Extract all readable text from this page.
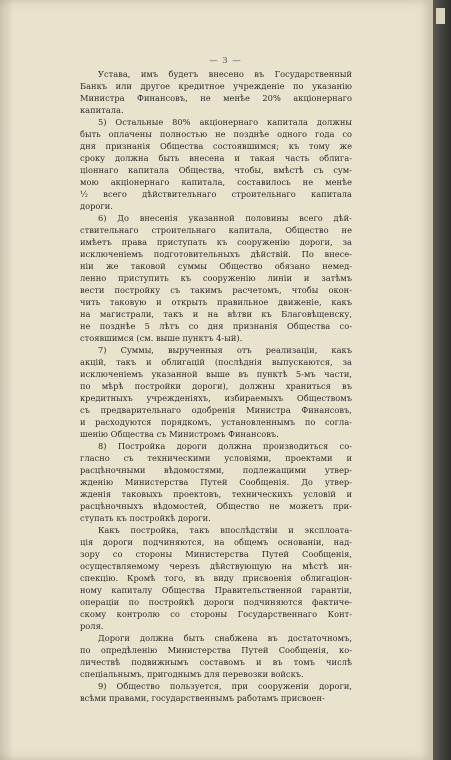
— 3 —
Уставa, имъ будетъ внесено въ Государственный
Банкъ или другое кредитное учрежденіе по указанію
Министра Финансовъ, не менѣе 20% акціонернаго
капитала.
5) Остальные 80% акціонернаго капитала должны
быть оплачены полностью не позднѣе одного года со
дня признанія Общества состоявшимся; къ тому же
сроку должна быть внесена и такая часть облига-
ціоннаго капитала Общества, чтобы, вмѣстѣ съ сум-
мою акціонернаго капитала, составилось не менѣе
½ всего дѣйствительнаго строительнаго капитала
дороги.
6) До внесенія указанной половины всего дѣй-
ствительнаго строительнаго капитала, Общество не
имѣетъ права приступать къ сооруженію дороги, за
исключеніемъ подготовительныхъ дѣйствій. По внесе-
ніи же таковой суммы Общество обязано немед-
ленно приступить къ сооруженію линіи и затѣмъ
вести постройку съ такимъ расчетомъ, чтобы окон-
чить таковую и открыть правильное движеніе, какъ
на магистрали, такъ и на вѣтви къ Благовѣщенску,
не позднѣе 5 лѣтъ со дня признанія Общества со-
стоявшимся (см. выше пунктъ 4-ый).
7) Суммы, вырученныя отъ реализаціи, какъ
акцій, такъ и облигацій (послѣднія выпускаются, за
исключеніемъ указанной выше въ пунктѣ 5-мъ части,
по мѣрѣ постройки дороги), должны храниться въ
кредитныхъ учрежденіяхъ, избираемыхъ Обществомъ
съ предварительнаго одобренія Министра Финансовъ,
и расходуются порядкомъ, установленнымъ по согла-
шенію Общества съ Министромъ Финансовъ.
8) Постройка дороги должна производиться со-
гласно съ техническими условіями, проектами и
расцѣночными вѣдомостями, подлежащими утвер-
жденію Министерства Путей Сообщенія. До утвер-
жденія таковыхъ проектовъ, техническихъ условій и
расцѣночныхъ вѣдомостей, Общество не можетъ при-
ступать къ постройкѣ дороги.
Какъ постройка, такъ впослѣдствіи и эксплоата-
ція дороги подчиняются, на общемъ основаніи, над-
зору со стороны Министерства Путей Сообщенія,
осуществляемому черезъ дѣйствующую на мѣстѣ ин-
спекцію. Кромѣ того, въ виду присвоенія облигаціон-
ному капиталу Общества Правительственной гарантіи,
операціи по постройкѣ дороги подчиняются фактиче-
скому контролю со стороны Государственнаго Конт-
роля.
Дороги должна быть снабжена въ достаточномъ,
по опредѣленію Министерства Путей Сообщенія, ко-
личествѣ подвижнымъ составомъ и въ томъ числѣ
спеціальнымъ, пригоднымъ для перевозки войскъ.
9) Общество пользуется, при сооруженіи дороги,
всѣми правами, государственнымъ работамъ присвоен-
